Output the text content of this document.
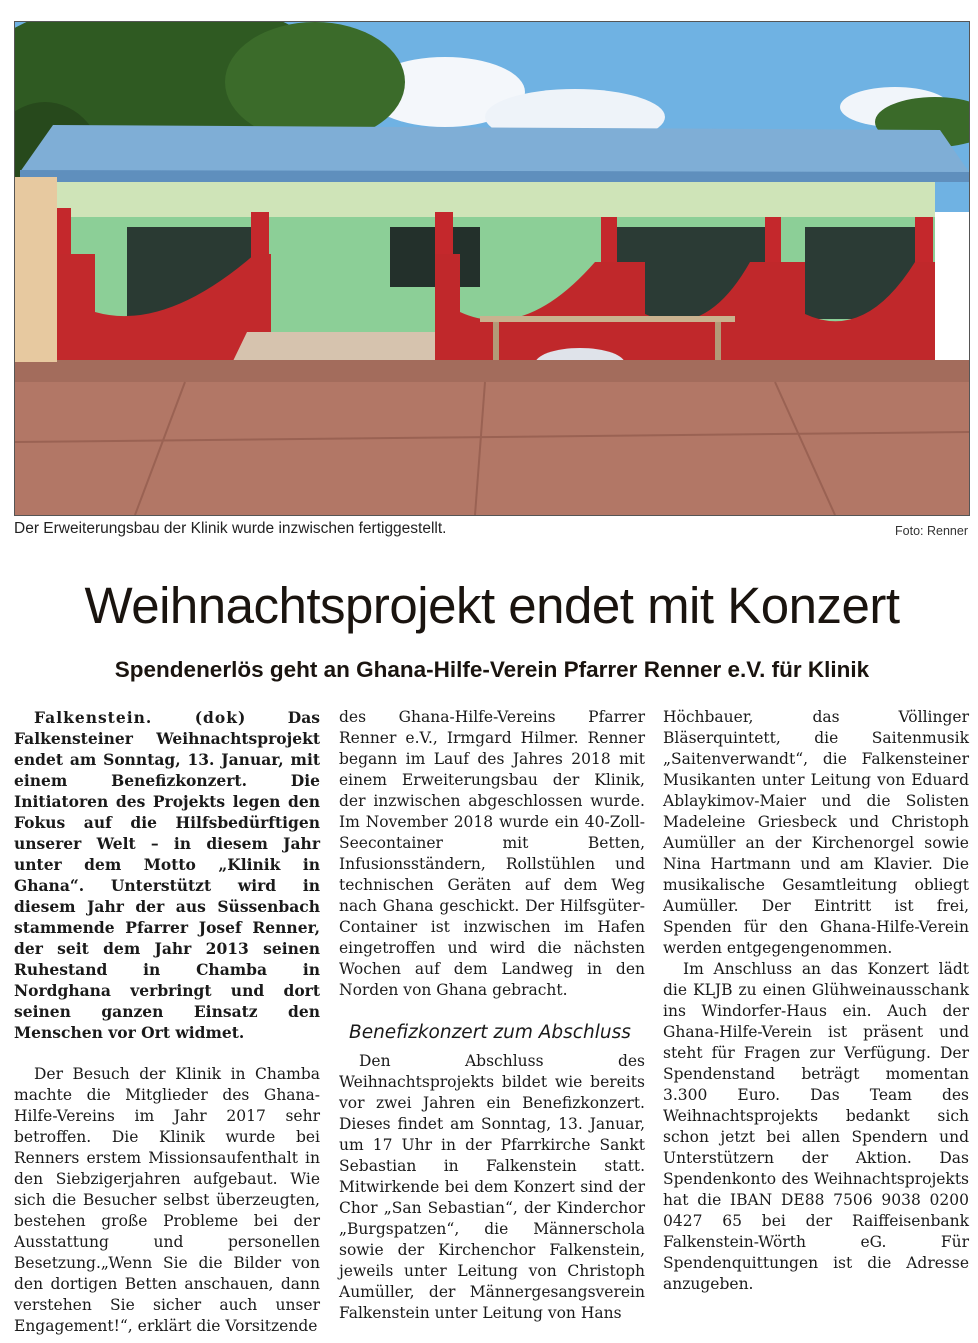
Der Erweiterungsbau der Klinik wurde inzwischen fertiggestellt.	Foto: Renner
Weihnachtsprojekt endet mit Konzert
Spendenerlös geht an Ghana-Hilfe-Verein Pfarrer Renner e.V. für Klinik

Falkenstein. (dok)	Das Falkensteiner Weihnachtsprojekt endet am Sonntag, 13. Januar, mit einem Benefizkonzert. Die Initiatoren des Projekts legen den Fokus auf die Hilfsbedürftigen unserer Welt – in diesem Jahr unter dem Motto „Klinik in Ghana“. Unterstützt wird in diesem Jahr der aus Süssenbach stammende Pfarrer Josef Renner, der seit dem Jahr 2013 seinen Ruhestand in Chamba in Nordghana verbringt und dort seinen ganzen Einsatz den Menschen vor Ort widmet.

Der Besuch der Klinik in Chamba machte die Mitglieder des Ghana-Hilfe-Vereins im Jahr 2017 sehr betroffen. Die Klinik wurde bei Renners erstem Missionsaufenthalt in den Siebzigerjahren aufgebaut. Wie sich die Besucher selbst überzeugten, bestehen große Probleme bei der Ausstattung und personellen Besetzung.„Wenn Sie die Bilder von den dortigen Betten anschauen, dann verstehen Sie sicher auch unser Engagement!“, erklärt die Vorsitzende

des Ghana-Hilfe-Vereins Pfarrer Renner e.V., Irmgard Hilmer. Renner begann im Lauf des Jahres 2018 mit einem Erweiterungsbau der Klinik, der inzwischen abgeschlossen wurde. Im November 2018 wurde ein 40-Zoll-Seecontainer mit Betten, Infusionsständern, Rollstühlen und technischen Geräten auf dem Weg nach Ghana geschickt. Der Hilfsgüter-Container ist inzwischen im Hafen eingetroffen und wird die nächsten Wochen auf dem Landweg in den Norden von Ghana gebracht.

Benefizkonzert zum Abschluss

Den Abschluss des Weihnachtsprojekts bildet wie bereits vor zwei Jahren ein Benefizkonzert. Dieses findet am Sonntag, 13. Januar, um 17 Uhr in der Pfarrkirche Sankt Sebastian in Falkenstein statt. Mitwirkende bei dem Konzert sind der Chor „San Sebastian“, der Kinderchor „Burgspatzen“, die Männerschola sowie der Kirchenchor Falkenstein, jeweils unter Leitung von Christoph Aumüller, der Männergesangsverein Falkenstein unter Leitung von Hans

Höchbauer, das Völlinger Bläserquintett, die Saitenmusik „Saitenverwandt“, die Falkensteiner Musikanten unter Leitung von Eduard Ablaykimov-Maier und die Solisten Madeleine Griesbeck und Christoph Aumüller an der Kirchenorgel sowie Nina Hartmann und am Klavier. Die musikalische Gesamtleitung obliegt Aumüller. Der Eintritt ist frei, Spenden für den Ghana-Hilfe-Verein werden entgegengenommen.

Im Anschluss an das Konzert lädt die KLJB zu einen Glühweinausschank ins Windorfer-Haus ein. Auch der Ghana-Hilfe-Verein ist präsent und steht für Fragen zur Verfügung. Der Spendenstand beträgt momentan 3.300 Euro. Das Team des Weihnachtsprojekts bedankt sich schon jetzt bei allen Spendern und Unterstützern der Aktion. Das Spendenkonto des Weihnachtsprojekts hat die IBAN DE88 7506 9038 0200 0427 65 bei der Raiffeisenbank Falkenstein-Wörth eG. Für Spendenquittungen ist die Adresse anzugeben.
